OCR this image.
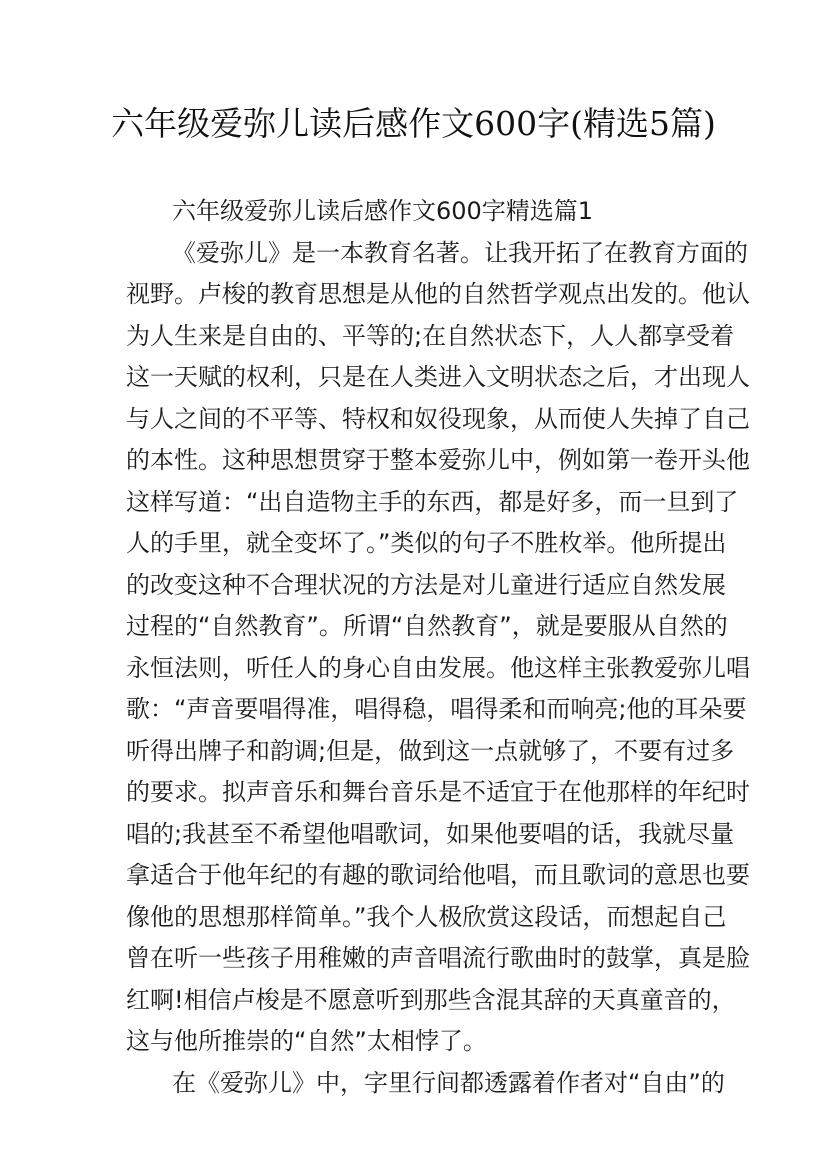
六年级爱弥儿读后感作文600字(精选5篇)
六年级爱弥儿读后感作文600字精选篇1
《爱弥儿》是一本教育名著。让我开拓了在教育方面的
视野。卢梭的教育思想是从他的自然哲学观点出发的。他认
为人生来是自由的、平等的;在自然状态下，人人都享受着
这一天赋的权利，只是在人类进入文明状态之后，才出现人
与人之间的不平等、特权和奴役现象，从而使人失掉了自己
的本性。这种思想贯穿于整本爱弥儿中，例如第一卷开头他
这样写道：“出自造物主手的东西，都是好多，而一旦到了
人的手里，就全变坏了。”类似的句子不胜枚举。他所提出
的改变这种不合理状况的方法是对儿童进行适应自然发展
过程的“自然教育”。所谓“自然教育”，就是要服从自然的
永恒法则，听任人的身心自由发展。他这样主张教爱弥儿唱
歌：“声音要唱得准，唱得稳，唱得柔和而响亮;他的耳朵要
听得出牌子和韵调;但是，做到这一点就够了，不要有过多
的要求。拟声音乐和舞台音乐是不适宜于在他那样的年纪时
唱的;我甚至不希望他唱歌词，如果他要唱的话，我就尽量
拿适合于他年纪的有趣的歌词给他唱，而且歌词的意思也要
像他的思想那样简单。”我个人极欣赏这段话，而想起自己
曾在听一些孩子用稚嫩的声音唱流行歌曲时的鼓掌，真是脸
红啊!相信卢梭是不愿意听到那些含混其辞的天真童音的，
这与他所推崇的“自然”太相悖了。
在《爱弥儿》中，字里行间都透露着作者对“自由”的
